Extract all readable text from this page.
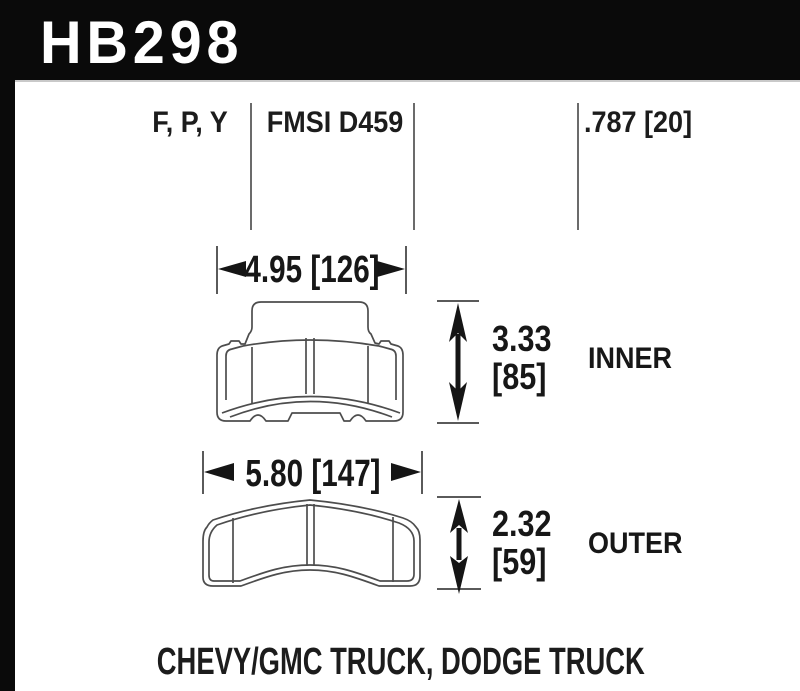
HB298
F, P, Y	FMSI D459	.787 [20]
4.95 [126]
3.33
[85] INNER
5.80 [147]
2.32
[59] OUTER
CHEVY/GMC TRUCK, DODGE TRUCK
